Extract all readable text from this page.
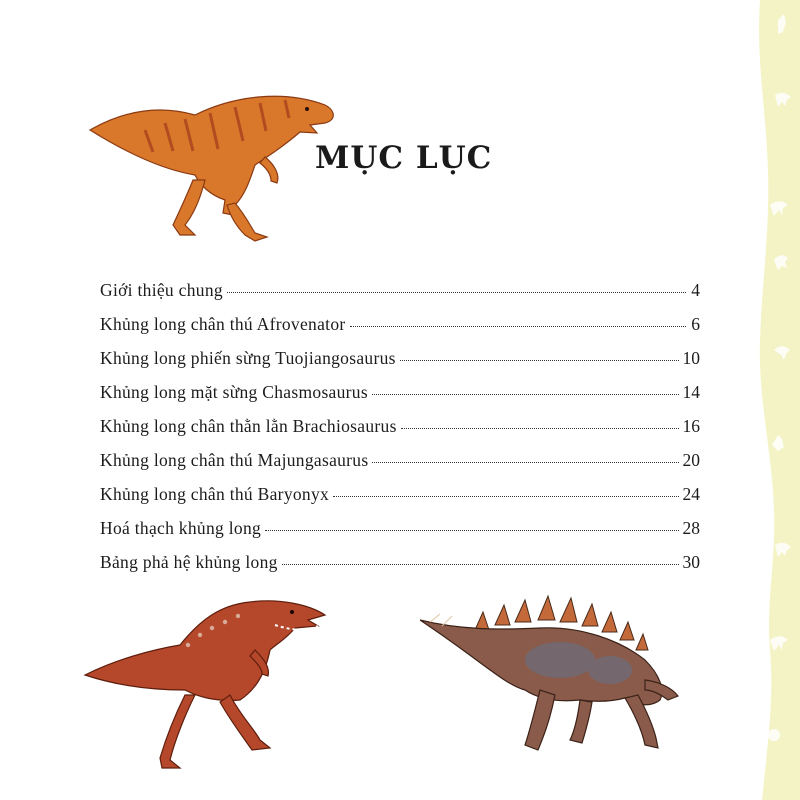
MỤC LỤC
Giới thiệu chung	4
Khủng long chân thú Afrovenator	6
Khủng long phiến sừng Tuojiangosaurus	10
Khủng long mặt sừng Chasmosaurus	14
Khủng long chân thằn lằn Brachiosaurus	16
Khủng long chân thú Majungasaurus	20
Khủng long chân thú Baryonyx	24
Hoá thạch khủng long	28
Bảng phả hệ khủng long	30
